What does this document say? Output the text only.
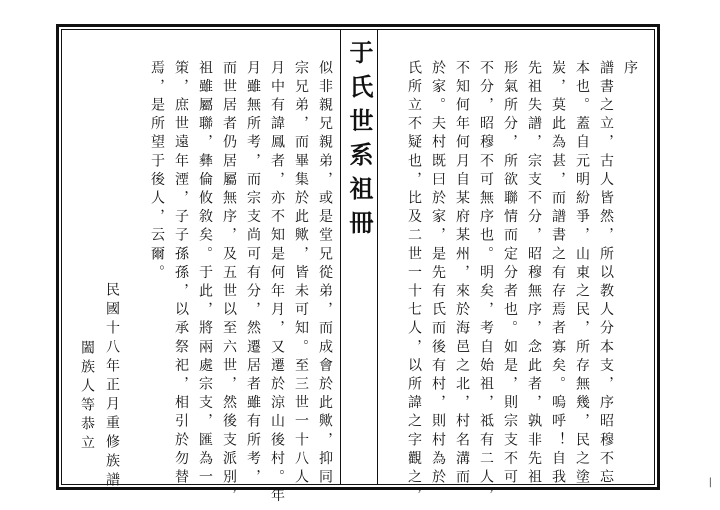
于氏世系祖冊	序
譜書之立，古人皆然，所以教人分本支，序昭穆不忘
本也。蓋自元明紛爭，山東之民，所存無幾，民之塗
炭，莫此為甚，而譜書之有存焉者寡矣。嗚呼！自我
先祖失譜，宗支不分，昭穆無序，念此者，孰非先祖
形氣所分，所欲聯情而定分者也。如是，則宗支不可
不分，昭穆不可無序也。明矣，考自始祖，祗有二人，
不知何年何月自某府某州，來於海邑之北，村名溝而
於家。夫村既曰於家，是先有氏而後有村，則村為於
氏所立不疑也，比及二世一十七人，以所諱之字觀之，
似非親兄親弟，或是堂兄從弟，而成會於此歟，抑同
宗兄弟，而畢集於此歟，皆未可知。至三世一十八人
月中有諱鳳者，亦不知是何年月，又遷於涼山後村。年
月雖無所考，而宗支尚可有分，然遷居者雖有所考，
而世居者仍居屬無序，及五世以至六世，然後支派別，
祖雖屬聯，彝倫攸敘矣。于此，將兩處宗支，匯為一
策，庶世遠年湮，子子孫孫，以承祭祀，相引於勿替
焉，是所望于後人，云爾。
民國十八年正月重修族譜
闔族人等恭立
|
